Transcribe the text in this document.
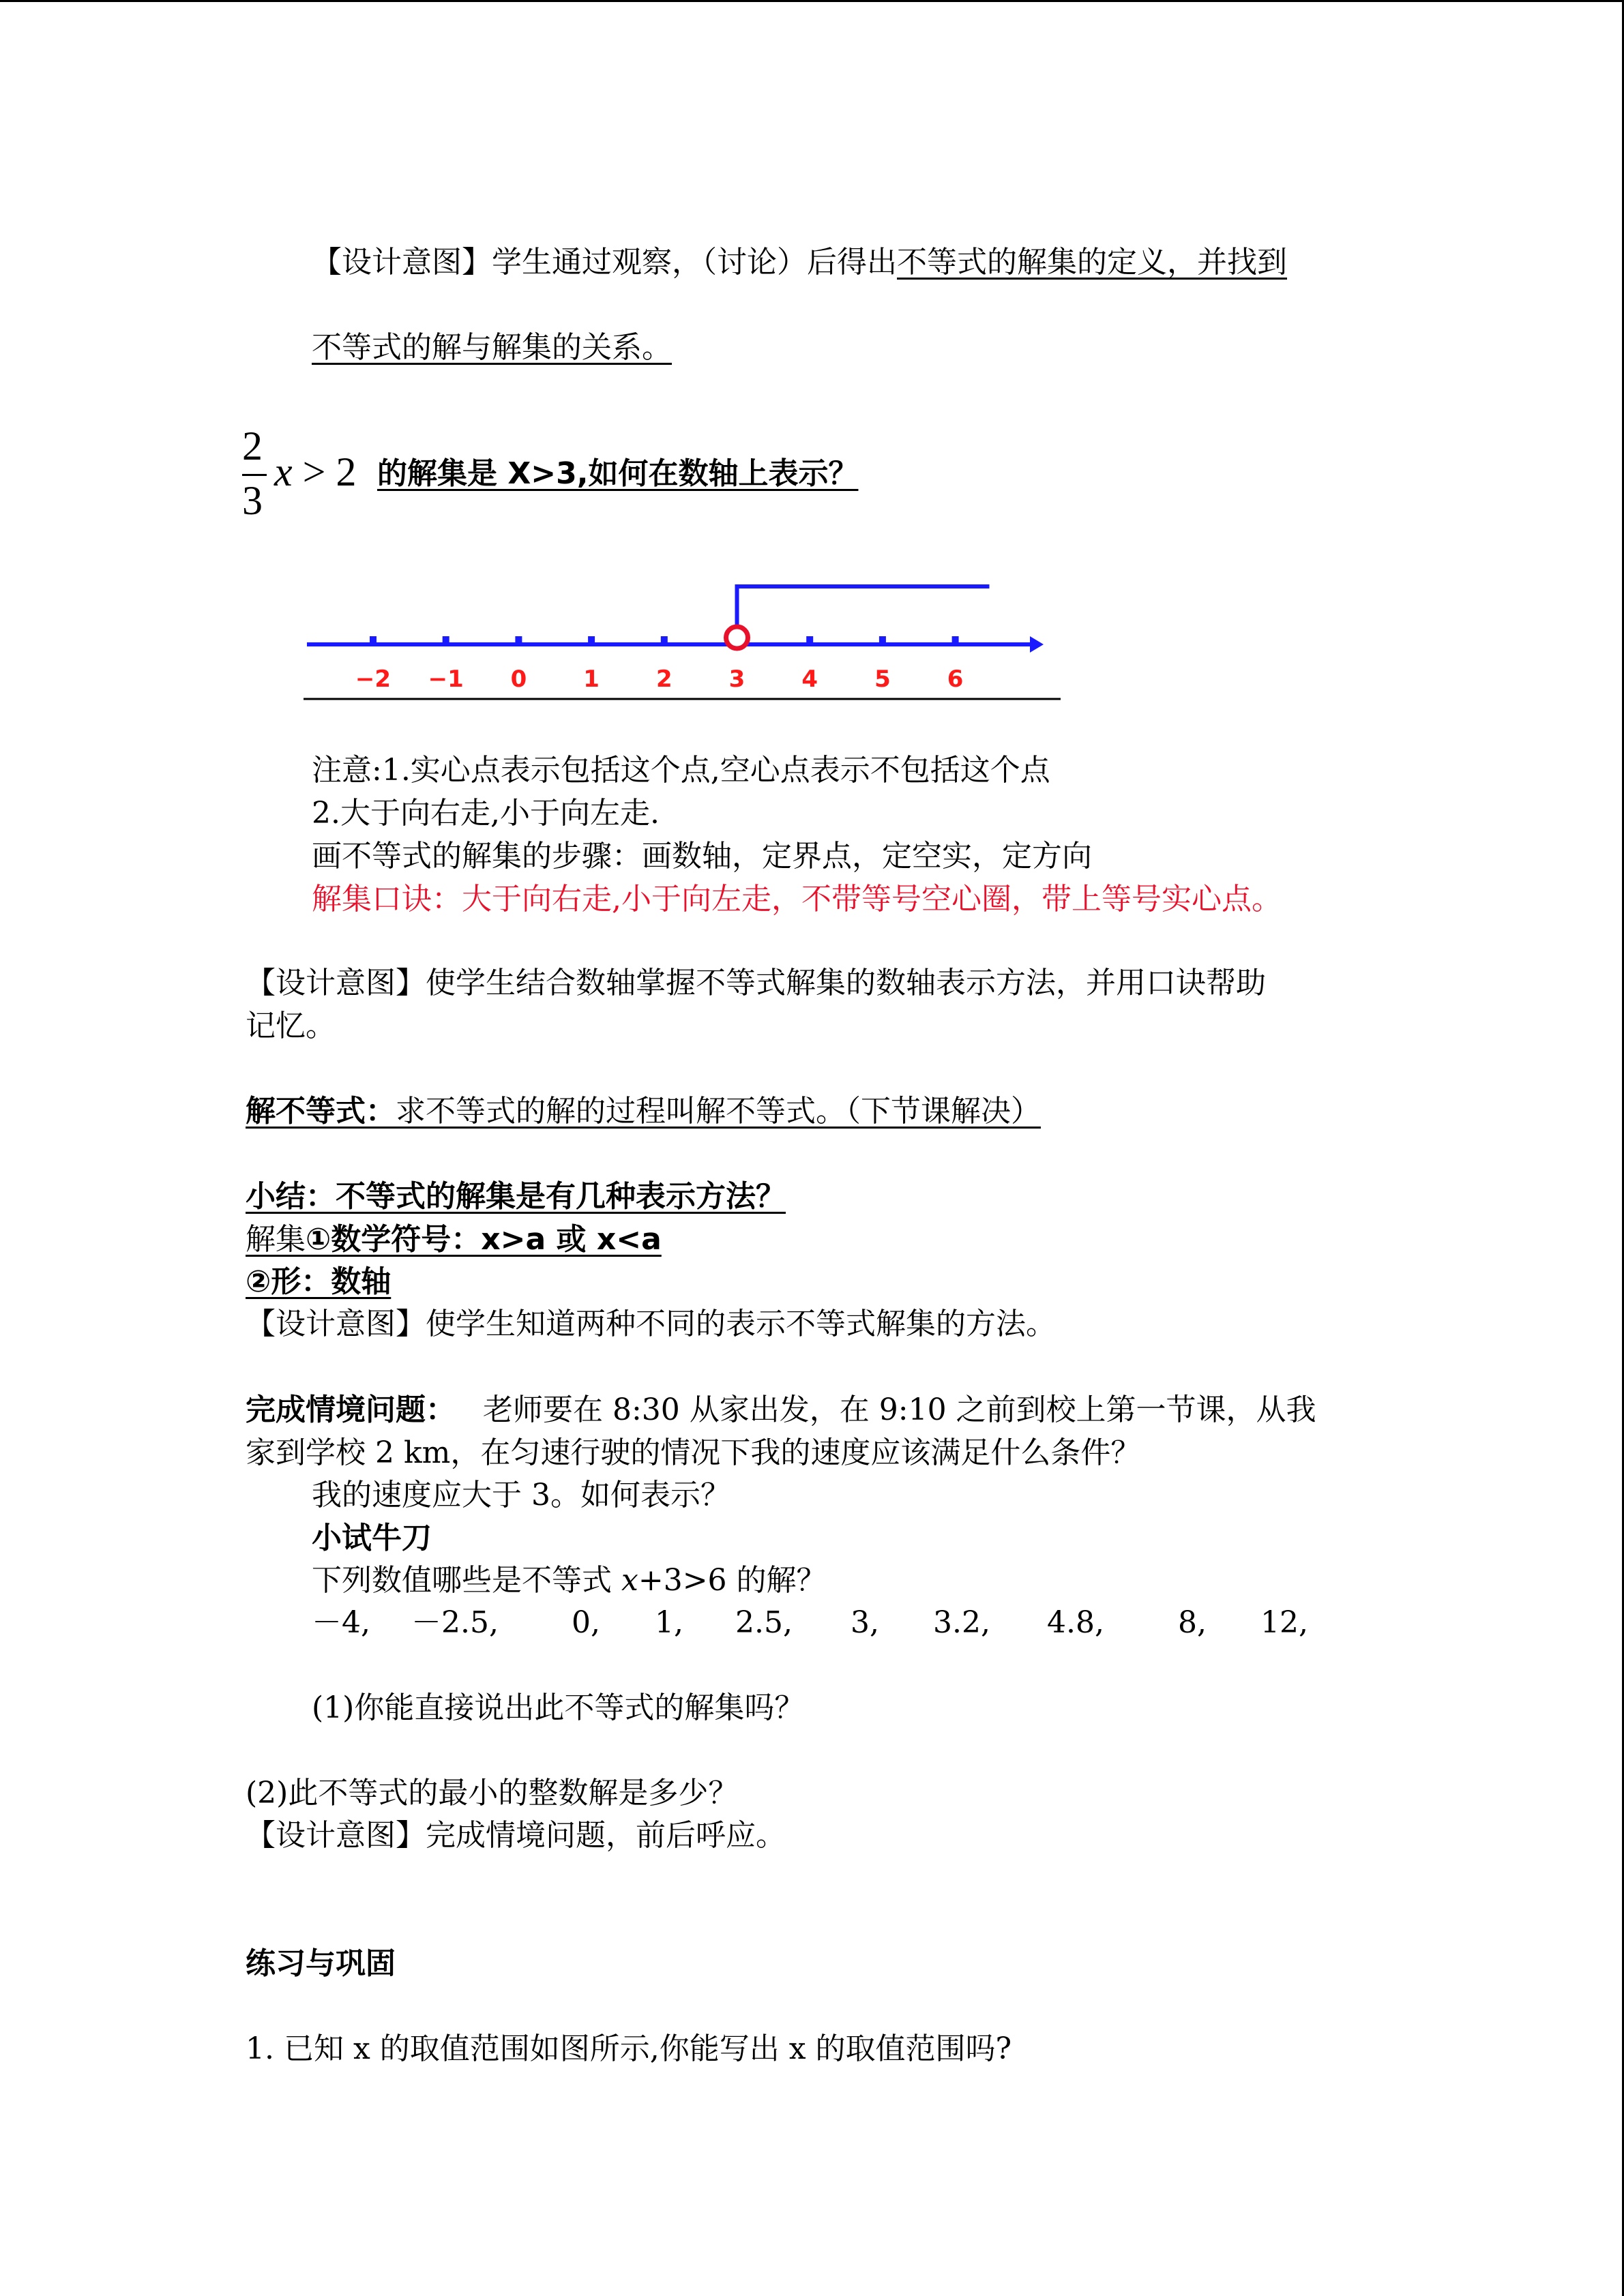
【设计意图】学生通过观察，（讨论）后得出不等式的解集的定义，并找到
不等式的解与解集的关系。
2
3
x > 2 的解集是 X>3,如何在数轴上表示？
−2 −1 0 1 2 3 4 5 6
注意:1.实心点表示包括这个点,空心点表示不包括这个点
2.大于向右走,小于向左走.
画不等式的解集的步骤：画数轴，定界点，定空实，定方向
解集口诀：大于向右走,小于向左走，不带等号空心圈，带上等号实心点。
【设计意图】使学生结合数轴掌握不等式解集的数轴表示方法，并用口诀帮助
记忆。
解不等式：求不等式的解的过程叫解不等式。（下节课解决）
小结：不等式的解集是有几种表示方法？
解集①数学符号：x>a 或 x<a
②形：数轴
【设计意图】使学生知道两种不同的表示不等式解集的方法。
完成情境问题： 老师要在 8:30 从家出发，在 9:10 之前到校上第一节课，从我
家到学校 2 km，在匀速行驶的情况下我的速度应该满足什么条件？
我的速度应大于 3。如何表示？
小试牛刀
下列数值哪些是不等式 x+3>6 的解？
－4, －2.5, 0, 1, 2.5, 3, 3.2, 4.8, 8, 12,
(1)你能直接说出此不等式的解集吗？
(2)此不等式的最小的整数解是多少？
【设计意图】完成情境问题，前后呼应。
练习与巩固
1. 已知 x 的取值范围如图所示,你能写出 x 的取值范围吗?
